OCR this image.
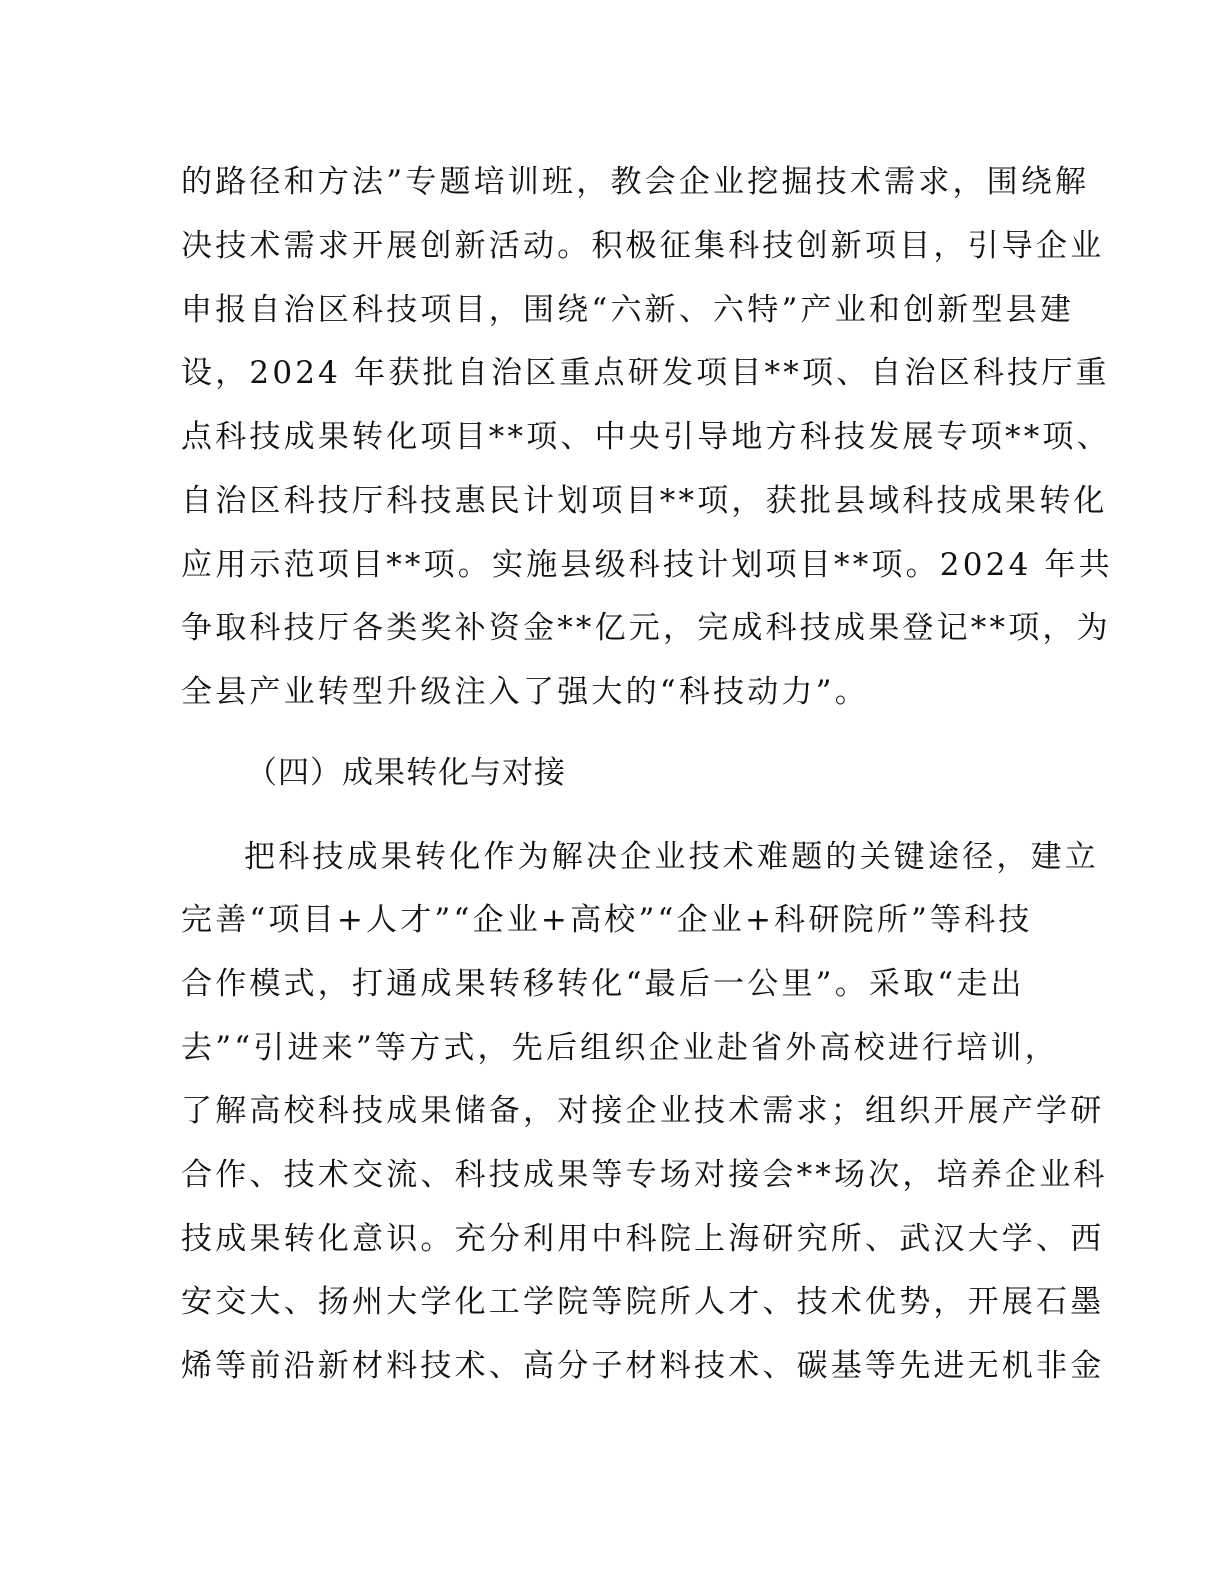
的路径和方法”专题培训班，教会企业挖掘技术需求，围绕解
决技术需求开展创新活动。积极征集科技创新项目，引导企业
申报自治区科技项目，围绕“六新、六特”产业和创新型县建
设，2024 年获批自治区重点研发项目**项、自治区科技厅重
点科技成果转化项目**项、中央引导地方科技发展专项**项、
自治区科技厅科技惠民计划项目**项，获批县域科技成果转化
应用示范项目**项。实施县级科技计划项目**项。2024 年共
争取科技厅各类奖补资金**亿元，完成科技成果登记**项，为
全县产业转型升级注入了强大的“科技动力”。
（四）成果转化与对接
把科技成果转化作为解决企业技术难题的关键途径，建立
完善“项目+人才”“企业+高校”“企业+科研院所”等科技
合作模式，打通成果转移转化“最后一公里”。采取“走出
去”“引进来”等方式，先后组织企业赴省外高校进行培训，
了解高校科技成果储备，对接企业技术需求；组织开展产学研
合作、技术交流、科技成果等专场对接会**场次，培养企业科
技成果转化意识。充分利用中科院上海研究所、武汉大学、西
安交大、扬州大学化工学院等院所人才、技术优势，开展石墨
烯等前沿新材料技术、高分子材料技术、碳基等先进无机非金
